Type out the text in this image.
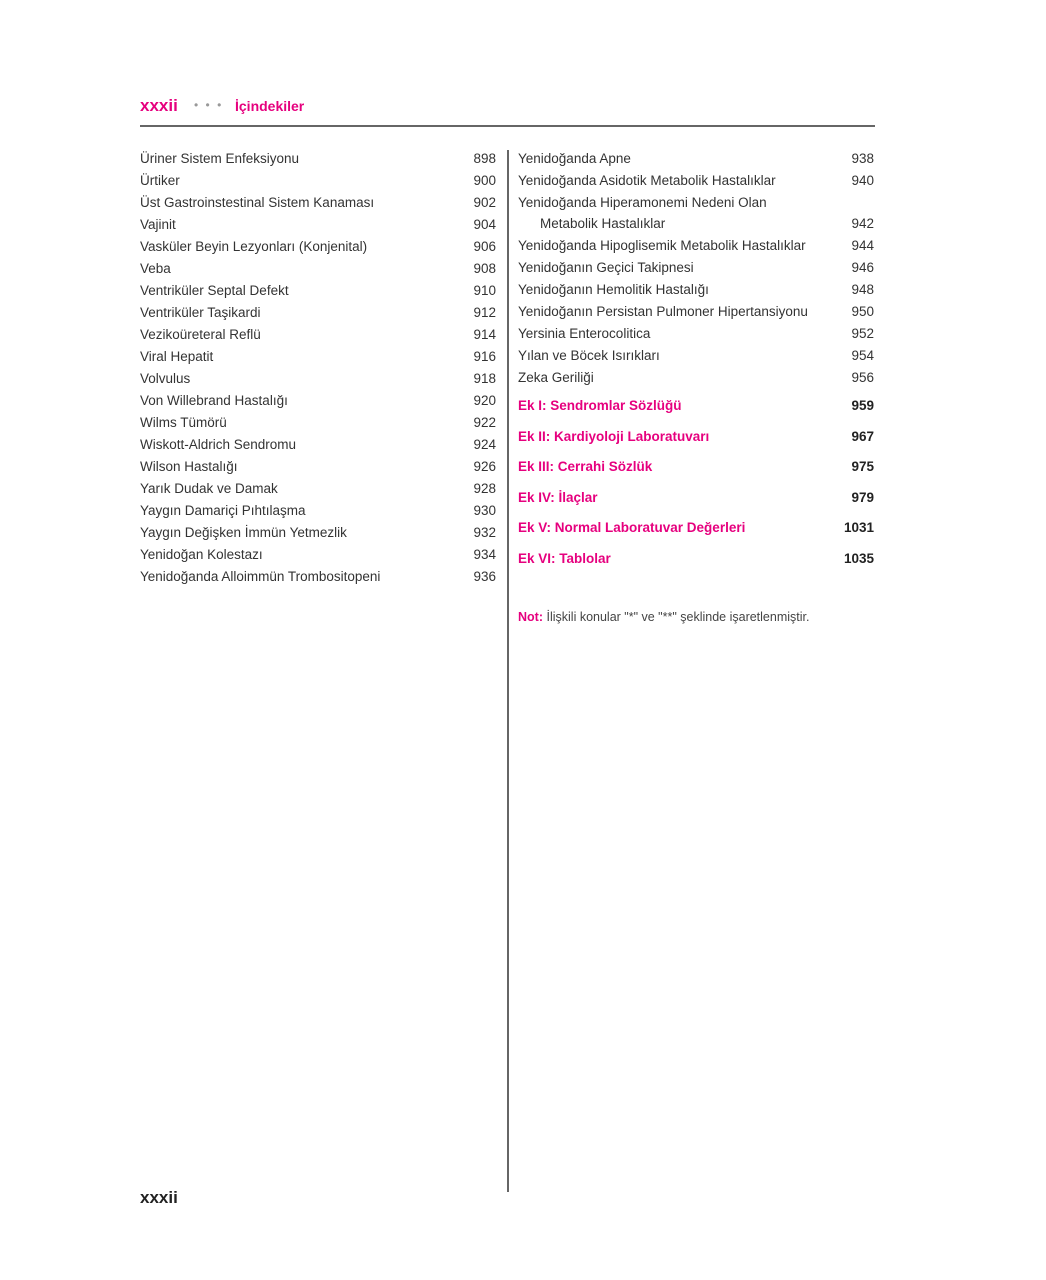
xxxii • • • İçindekiler
Üriner Sistem Enfeksiyonu	898
Ürtiker	900
Üst Gastroinstestinal Sistem Kanaması	902
Vajinit	904
Vasküler Beyin Lezyonları (Konjenital)	906
Veba	908
Ventriküler Septal Defekt	910
Ventriküler Taşikardi	912
Vezikoüreteral Reflü	914
Viral Hepatit	916
Volvulus	918
Von Willebrand Hastalığı	920
Wilms Tümörü	922
Wiskott-Aldrich Sendromu	924
Wilson Hastalığı	926
Yarık Dudak ve Damak	928
Yaygın Damariçi Pıhtılaşma	930
Yaygın Değişken İmmün Yetmezlik	932
Yenidoğan Kolestazı	934
Yenidoğanda Alloimmün Trombositopeni	936
Yenidoğanda Apne	938
Yenidoğanda Asidotik Metabolik Hastalıklar	940
Yenidoğanda Hiperamonemi Nedeni Olan
Metabolik Hastalıklar	942
Yenidoğanda Hipoglisemik Metabolik Hastalıklar	944
Yenidoğanın Geçici Takipnesi	946
Yenidoğanın Hemolitik Hastalığı	948
Yenidoğanın Persistan Pulmoner Hipertansiyonu	950
Yersinia Enterocolitica	952
Yılan ve Böcek Isırıkları	954
Zeka Geriliği	956
Ek I: Sendromlar Sözlüğü	959
Ek II: Kardiyoloji Laboratuvarı	967
Ek III: Cerrahi Sözlük	975
Ek IV: İlaçlar	979
Ek V: Normal Laboratuvar Değerleri	1031
Ek VI: Tablolar	1035
Not: İlişkili konular "*" ve "**" şeklinde işaretlenmiştir.
xxxii
